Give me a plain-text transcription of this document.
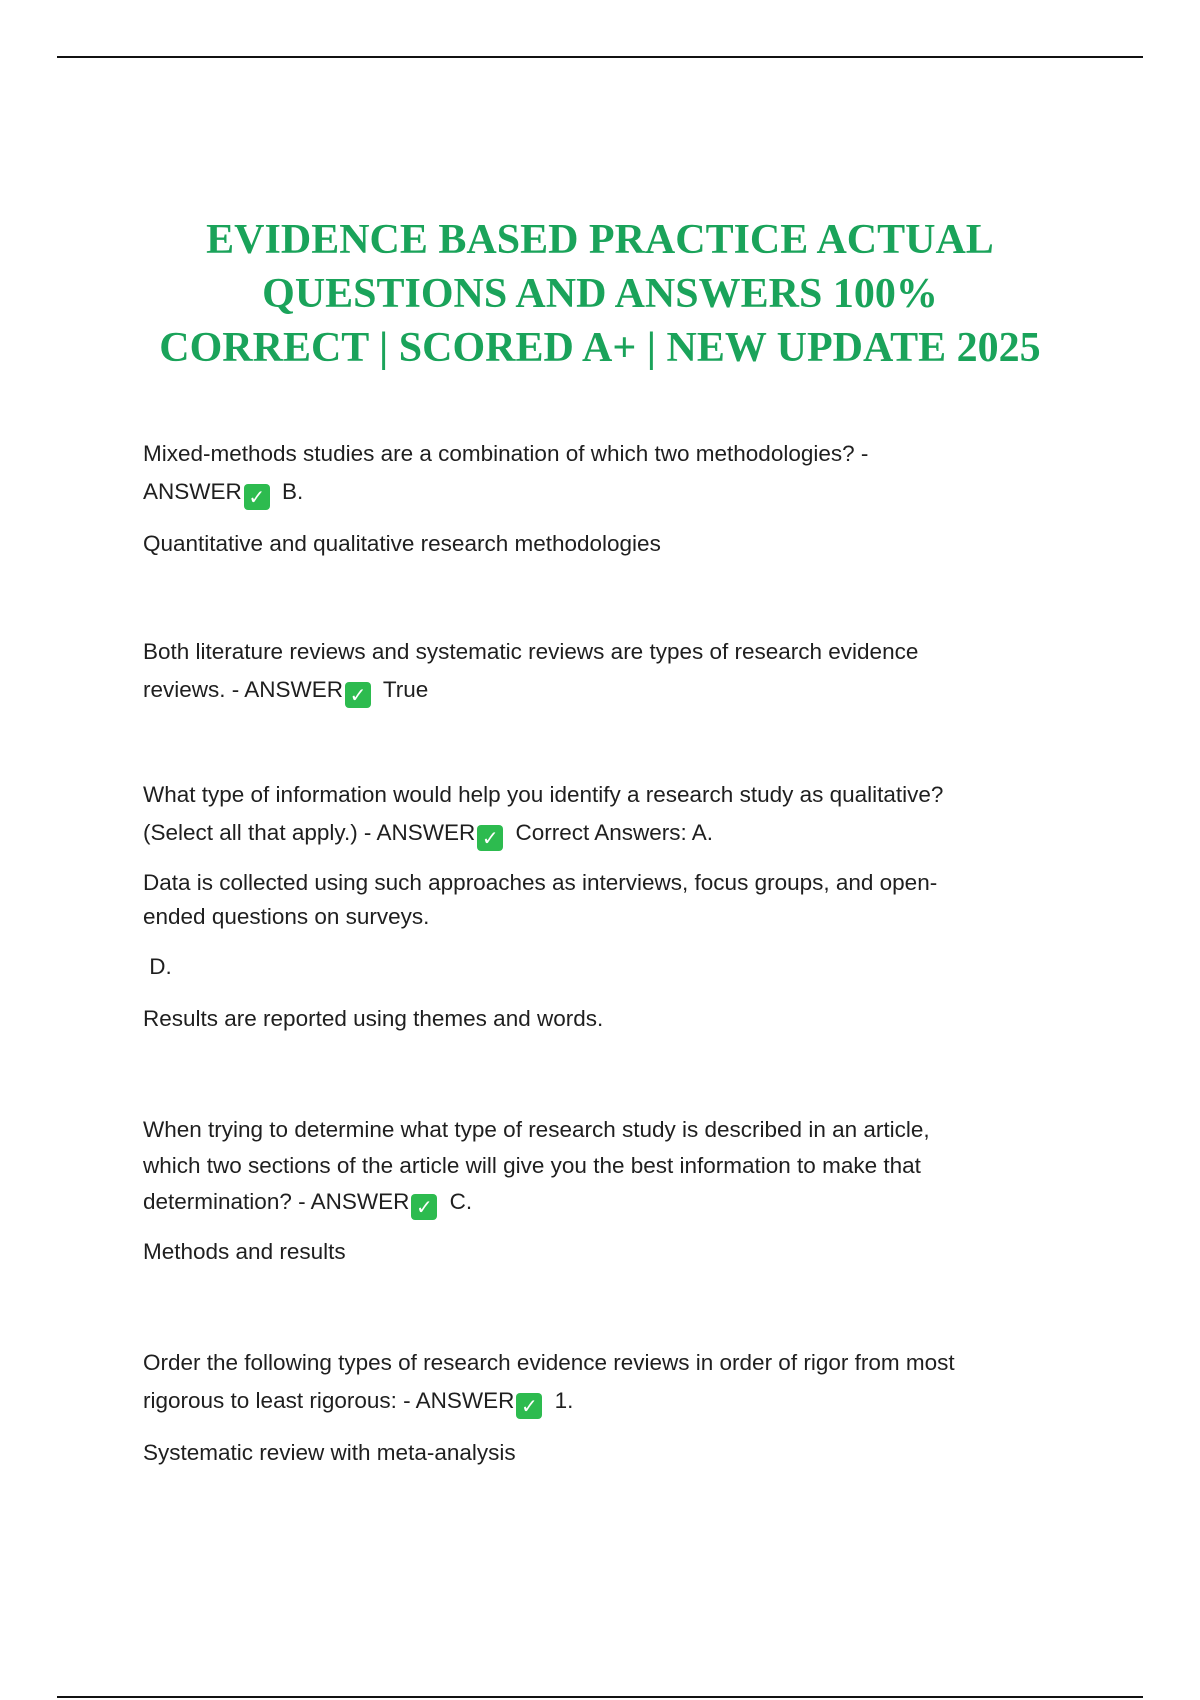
EVIDENCE BASED PRACTICE ACTUAL
QUESTIONS AND ANSWERS 100%
CORRECT | SCORED A+ | NEW UPDATE 2025

Mixed-methods studies are a combination of which two methodologies? -
ANSWER ✓ B.

Quantitative and qualitative research methodologies

Both literature reviews and systematic reviews are types of research evidence
reviews. - ANSWER ✓ True

What type of information would help you identify a research study as qualitative?
(Select all that apply.) - ANSWER ✓ Correct Answers: A.

Data is collected using such approaches as interviews, focus groups, and open-
ended questions on surveys.

D.

Results are reported using themes and words.

When trying to determine what type of research study is described in an article,
which two sections of the article will give you the best information to make that
determination? - ANSWER ✓ C.

Methods and results

Order the following types of research evidence reviews in order of rigor from most
rigorous to least rigorous: - ANSWER ✓ 1.

Systematic review with meta-analysis
